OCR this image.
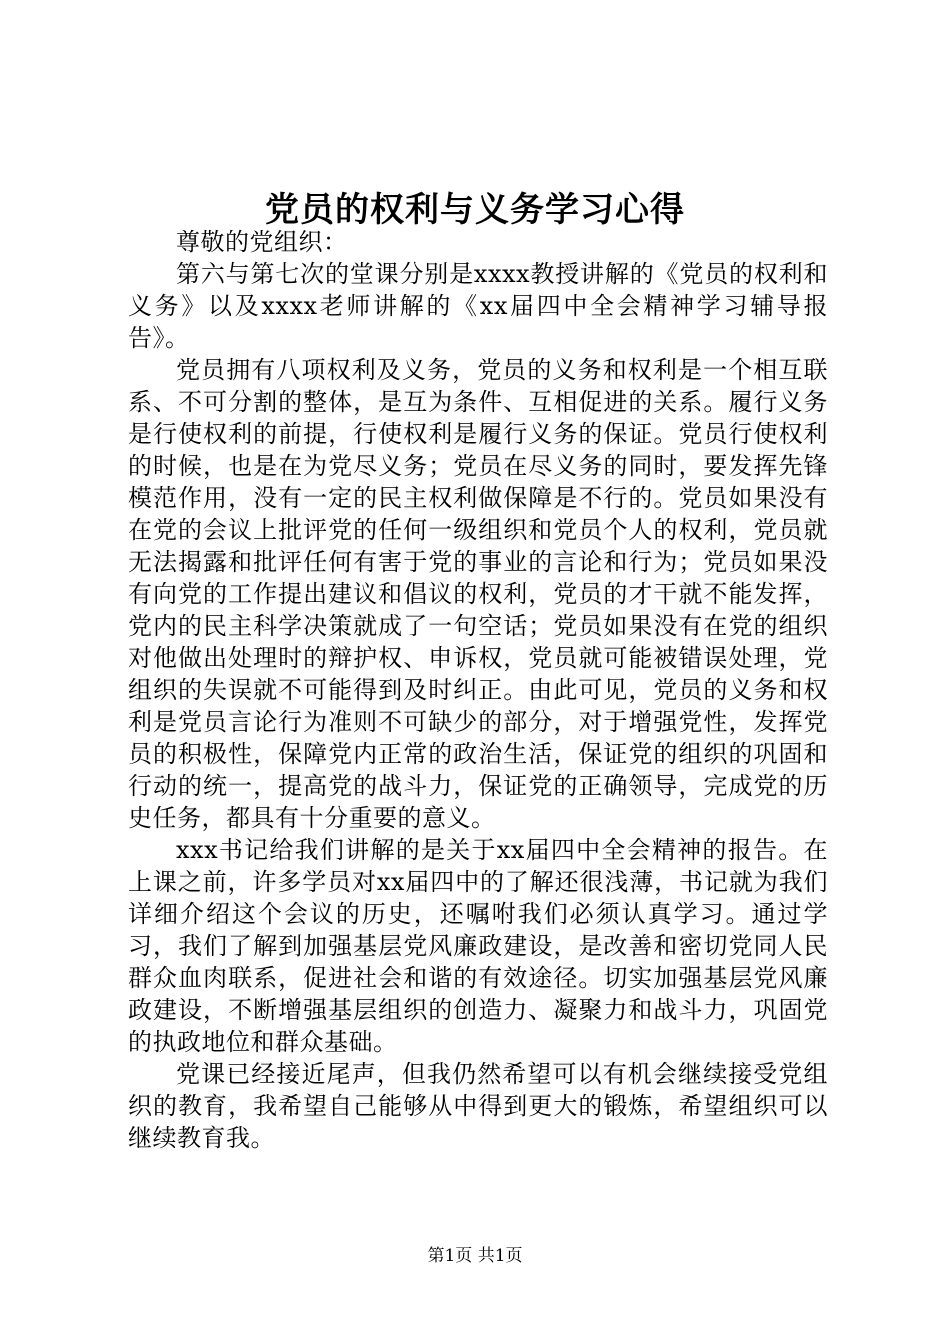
党员的权利与义务学习心得

尊敬的党组织：

第六与第七次的堂课分别是xxxx教授讲解的《党员的权利和义务》以及xxxx老师讲解的《xx届四中全会精神学习辅导报告》。

党员拥有八项权利及义务，党员的义务和权利是一个相互联系、不可分割的整体，是互为条件、互相促进的关系。履行义务是行使权利的前提，行使权利是履行义务的保证。党员行使权利的时候，也是在为党尽义务；党员在尽义务的同时，要发挥先锋模范作用，没有一定的民主权利做保障是不行的。党员如果没有在党的会议上批评党的任何一级组织和党员个人的权利，党员就无法揭露和批评任何有害于党的事业的言论和行为；党员如果没有向党的工作提出建议和倡议的权利，党员的才干就不能发挥，党内的民主科学决策就成了一句空话；党员如果没有在党的组织对他做出处理时的辩护权、申诉权，党员就可能被错误处理，党组织的失误就不可能得到及时纠正。由此可见，党员的义务和权利是党员言论行为准则不可缺少的部分，对于增强党性，发挥党员的积极性，保障党内正常的政治生活，保证党的组织的巩固和行动的统一，提高党的战斗力，保证党的正确领导，完成党的历史任务，都具有十分重要的意义。

xxx书记给我们讲解的是关于xx届四中全会精神的报告。在上课之前，许多学员对xx届四中的了解还很浅薄，书记就为我们详细介绍这个会议的历史，还嘱咐我们必须认真学习。通过学习，我们了解到加强基层党风廉政建设，是改善和密切党同人民群众血肉联系，促进社会和谐的有效途径。切实加强基层党风廉政建设，不断增强基层组织的创造力、凝聚力和战斗力，巩固党的执政地位和群众基础。

党课已经接近尾声，但我仍然希望可以有机会继续接受党组织的教育，我希望自己能够从中得到更大的锻炼，希望组织可以继续教育我。

第1页 共1页
